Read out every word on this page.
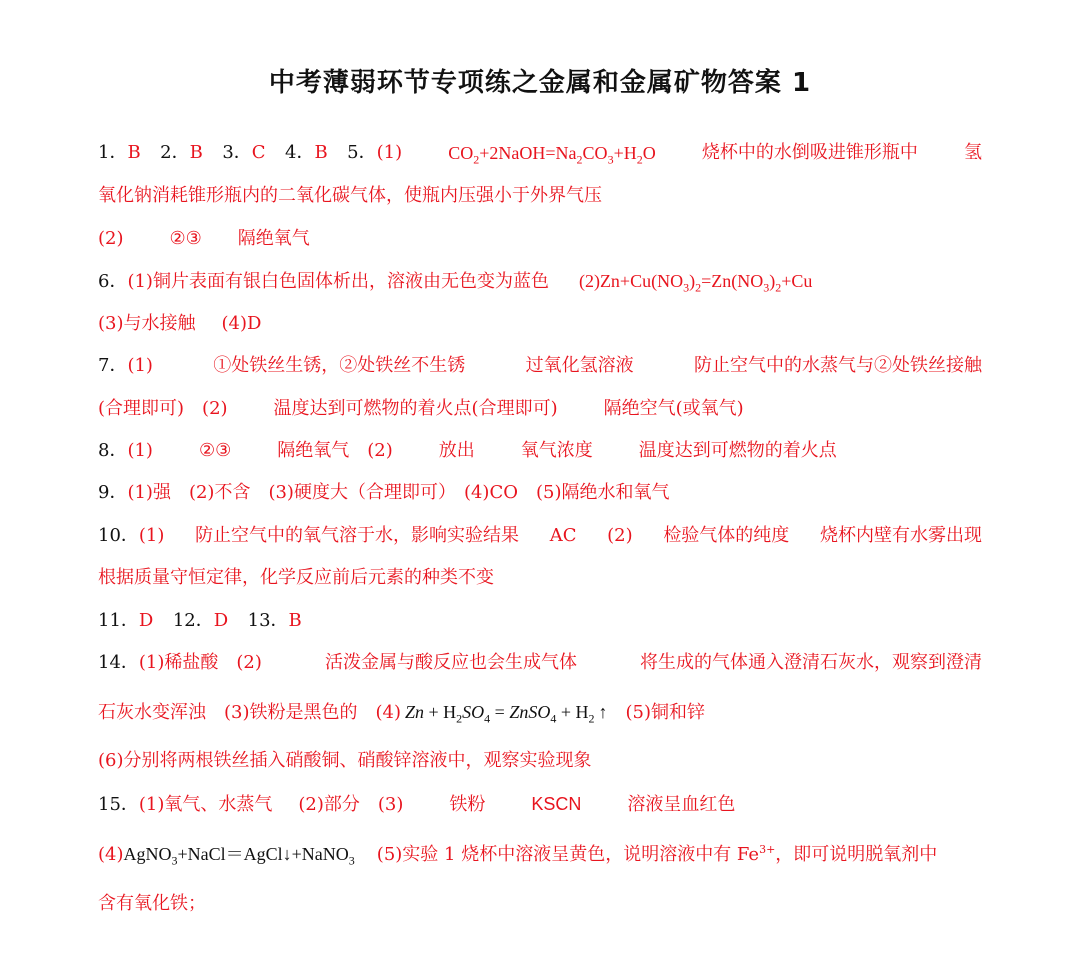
中考薄弱环节专项练之金属和金属矿物答案 1
1．B 2．B 3．C 4．B 5．(1)	$CO_2+2NaOH=Na_2CO_3+H_2O$	烧杯中的水倒吸进锥形瓶中	氢
氧化钠消耗锥形瓶内的二氧化碳气体，使瓶内压强小于外界气压
(2)	②③ 隔绝氧气
6．(1)铜片表面有银白色固体析出，溶液由无色变为蓝色 $(2)Zn+Cu(NO_3)_2=Zn(NO_3)_2+Cu$
(3)与水接触 (4)D
7．(1)	①处铁丝生锈，②处铁丝不生锈	过氧化氢溶液	防止空气中的水蒸气与②处铁丝接触
(合理即可) (2)	温度达到可燃物的着火点(合理即可)	隔绝空气(或氧气)
8．(1)	②③	隔绝氧气 (2)	放出	氧气浓度	温度达到可燃物的着火点
9．(1)强 (2)不含 (3)硬度大（合理即可） (4)CO (5)隔绝水和氧气
10．(1) 防止空气中的氧气溶于水，影响实验结果 AC (2) 检验气体的纯度 烧杯内壁有水雾出现
根据质量守恒定律，化学反应前后元素的种类不变
11．D 12．D 13．B
14．(1)稀盐酸 (2)	活泼金属与酸反应也会生成气体	将生成的气体通入澄清石灰水，观察到澄清
石灰水变浑浊 (3)铁粉是黑色的 (4) $Zn + H_2SO_4$ = ZnSO$_4$ + $H_2$ ↑ (5)铜和锌
(6)分别将两根铁丝插入硝酸铜、硝酸锌溶液中，观察实验现象
15．(1)氧气、水蒸气 (2)部分 (3)	铁粉	KSCN	溶液呈血红色
(4)AgNO$_3$+NaCl＝AgCl↓+NaNO$_3$ (5)实验 1 烧杯中溶液呈黄色，说明溶液中有 $Fe^{3+}$，即可说明脱氧剂中
含有氧化铁；
